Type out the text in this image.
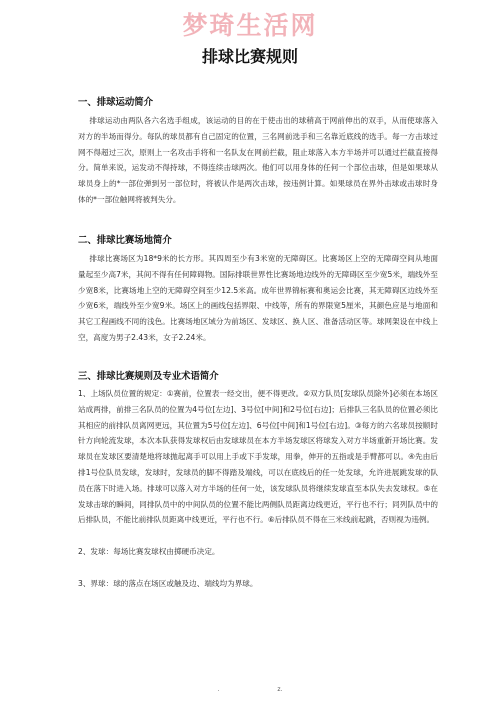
梦琦生活网
排球比赛规则
一、排球运动简介

排球运动由两队各六名选手组成，该运动的目的在于使击出的球稍高于网前伸出的双手，从而使球落入对方的半场而得分。每队的球员都有自己固定的位置，三名网前选手和三名靠近底线的选手。每一方击球过网不得超过三次，原则上一名攻击手将和一名队友在网前拦截，阻止球落入本方半场并可以通过拦截直接得分。简单来说，运发动不得持球，不得连续击球两次。他们可以用身体的任何一个部位击球，但是如果球从球员身上的*一部位弹到另一部位时，将被认作是两次击球，按违例计算。如果球员在界外击球或击球时身体的*一部位触网将被判失分。

二、排球比赛场地简介

排球比赛场区为18*9米的长方形。其四周至少有3米宽的无障碍区。比赛场区上空的无障碍空间从地面量起至少高7米，其间不得有任何障碍物。国际排联世界性比赛场地边线外的无障碍区至少宽5米，端线外至少宽8米，比赛场地上空的无障碍空间至少12.5米高。成年世界锦标赛和奥运会比赛，其无障碍区边线外至少宽6米，端线外至少宽9米。场区上的画线包括界限、中线等，所有的界限宽5厘米，其颜色应是与地面和其它工程画线不同的浅色。比赛场地区域分为前场区、发球区、换人区、准备活动区等。球网架设在中线上空，高度为男子2.43米，女子2.24米。

三、排球比赛规则及专业术语简介

1、上场队员位置的规定：①赛前，位置表一经交出，便不得更改。②双方队员[发球队员除外]必须在本场区站成两排，前排三名队员的位置为4号位[左边]、3号位[中间]和2号位[右边]；后排队三名队员的位置必须比其相应的前排队员离网更远，其位置为5号位[左边]、6号位[中间]和1号位[右边]。③每方的六名球员按顺时针方向轮流发球，本次本队获得发球权后由发球球员在本方半场发球区将球发入对方半场重新开场比赛。发球员在发球区要清楚地将球抛起离手可以用上手或下手发球，用拳，伸开的五指或是手臂都可以。④先由后排1号位队员发球，发球时，发球员的脚不得踏及端线，可以在底线后的任一处发球，允许进展跳发球的队员在落下时进入场。排球可以落入对方半场的任何一处，该发球队员将继续发球直至本队失去发球权。⑤在发球击球的瞬间，同排队员中的中间队员的位置不能比两侧队员距离边线更近，平行也不行；同列队员中的后排队员，不能比前排队员距离中线更近，平行也不行。⑥后排队员不得在三米线前起跳，否则视为违例。

2、发球：每场比赛发球权由掷硬币决定。

3、界球：球的落点在场区或触及边、端线均为界球。

.	z.
